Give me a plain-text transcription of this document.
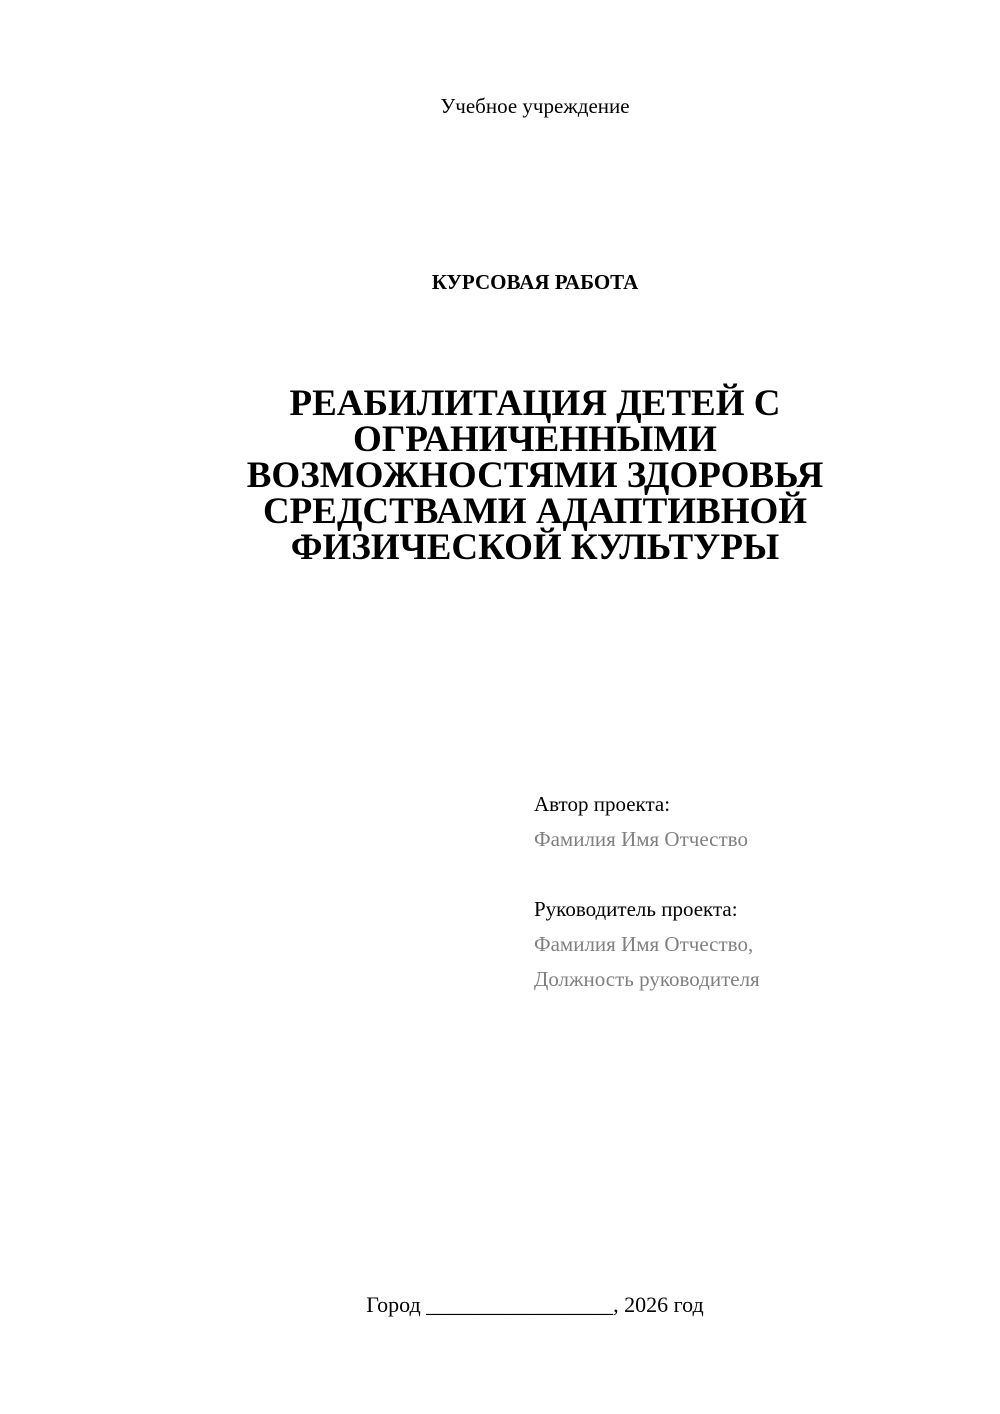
Учебное учреждение
КУРСОВАЯ РАБОТА
РЕАБИЛИТАЦИЯ ДЕТЕЙ С
ОГРАНИЧЕННЫМИ
ВОЗМОЖНОСТЯМИ ЗДОРОВЬЯ
СРЕДСТВАМИ АДАПТИВНОЙ
ФИЗИЧЕСКОЙ КУЛЬТУРЫ
Автор проекта:
Фамилия Имя Отчество
Руководитель проекта:
Фамилия Имя Отчество,
Должность руководителя
Город _________________, 2026 год
